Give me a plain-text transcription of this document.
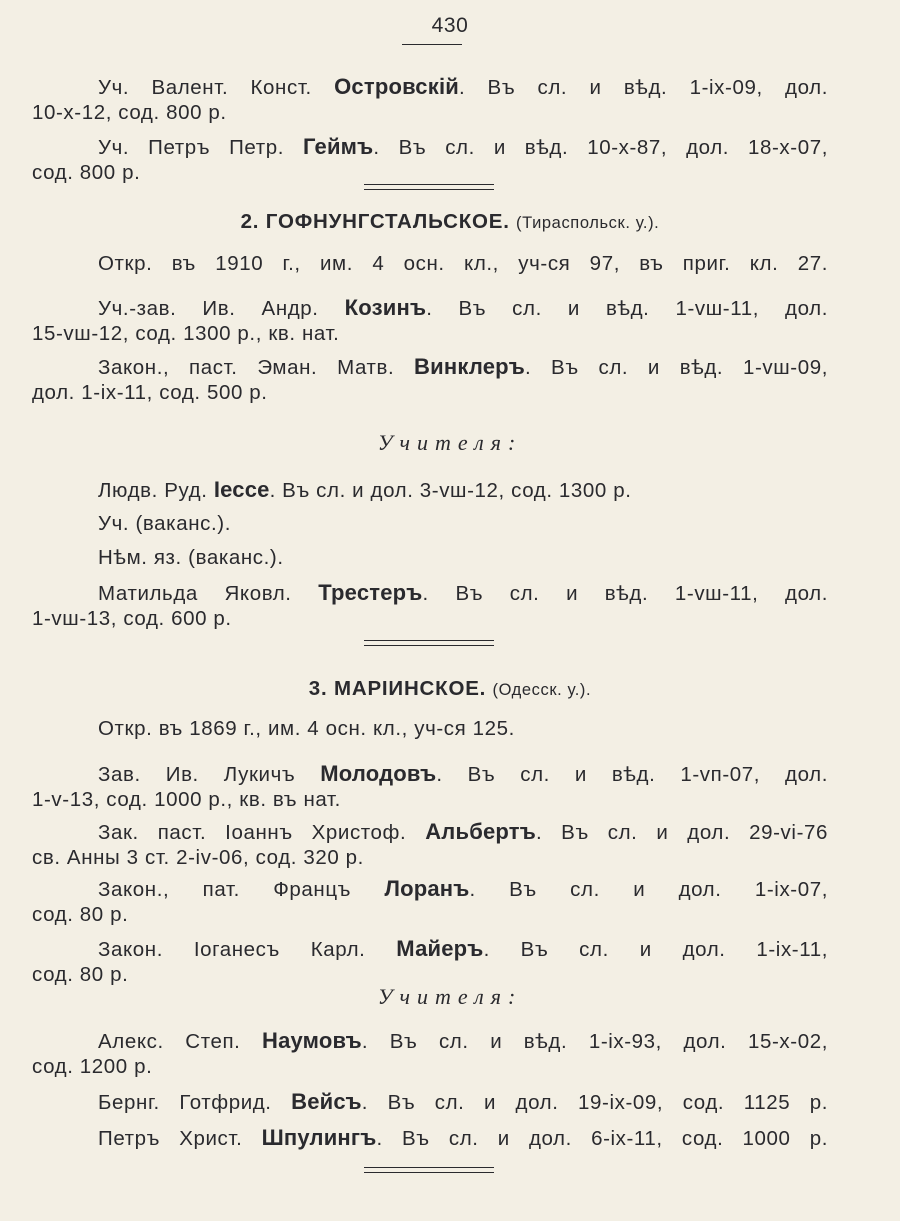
430
Уч. Валент. Конст. Островскій. Въ сл. и вѣд. 1-ix-09, дол.
10-х-12, сод. 800 р.
Уч. Петръ Петр. Геймъ. Въ сл. и вѣд. 10-х-87, дол. 18-х-07,
сод. 800 р.
2. ГОФНУНГСТАЛЬСКОЕ. (Тираспольск. у.).
Откр. въ 1910 г., им. 4 осн. кл., уч-ся 97, въ приг. кл. 27.
Уч.-зав. Ив. Андр. Козинъ. Въ сл. и вѣд. 1-vш-11, дол.
15-vш-12, сод. 1300 р., кв. нат.
Закон., паст. Эман. Матв. Винклеръ. Въ сл. и вѣд. 1-vш-09,
дол. 1-ix-11, сод. 500 р.
Учителя:
Людв. Руд. Iессе. Въ сл. и дол. 3-vш-12, сод. 1300 р.
Уч. (ваканс.).
Нѣм. яз. (ваканс.).
Матильда Яковл. Трестеръ. Въ сл. и вѣд. 1-vш-11, дол.
1-vш-13, сод. 600 р.
3. МАРIИНСКОЕ. (Одесск. у.).
Откр. въ 1869 г., им. 4 осн. кл., уч-ся 125.
Зав. Ив. Лукичъ Молодовъ. Въ сл. и вѣд. 1-vп-07, дол.
1-v-13, сод. 1000 р., кв. въ нат.
Зак. паст. Iоаннъ Христоф. Альбертъ. Въ сл. и дол. 29-vi-76
св. Анны 3 ст. 2-iv-06, сод. 320 р.
Закон., пат. Францъ Лоранъ. Въ сл. и дол. 1-ix-07,
сод. 80 р.
Закон. Iоганесъ Карл. Майеръ. Въ сл. и дол. 1-ix-11,
сод. 80 р.
Учителя:
Алекс. Степ. Наумовъ. Въ сл. и вѣд. 1-ix-93, дол. 15-х-02,
сод. 1200 р.
Бернг. Готфрид. Вейсъ. Въ сл. и дол. 19-ix-09, сод. 1125 р.
Петръ Христ. Шпулингъ. Въ сл. и дол. 6-ix-11, сод. 1000 р.
